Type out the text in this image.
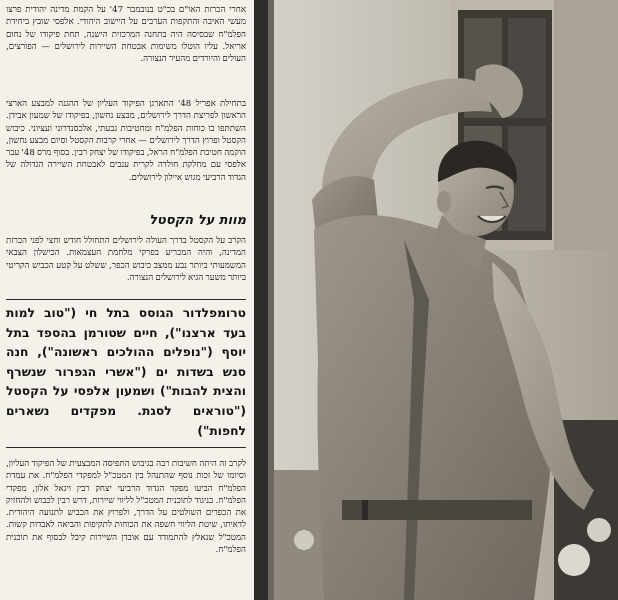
אחרי הכרזת האו"ם בכ"ט בנובמבר 47' על הקמת מדינה יהודית פרצו מעשי האיבה והתקפות הערבים על היישוב היהודי. אלפסי שובץ ביחידת הפלמ"ח שבסיסה היה בתחנה המרכזית הישנה, תחת פיקודו של נחום אריאל. עליו הוטלו משימות אבטחת השיירות לירושלים — הפורצים, העולים והיורדים מהעיר הנצורה.

בתחילת אפריל 48' התארגן הפיקוד העליון של ההגנה למבצע הארצי הראשון לפריצת הדרך לירושלים, מבצע נחשון, בפיקודו של שמעון אבידן. השתתפו בו כוחות הפלמ"ח ומחטיבות גבעתי, אלכסנדרוני ועציוני. כיבוש הקסטל ופרוץ הדרך לירושלים — אחרי קרבות הקסטל וסיום מבצע נחשון, הוקמה חטיבת הפלמ"ח הראל, בפיקודו של יצחק רבין. בסוף מרס 48' עבר אלפסי עם מחלקת חולדה לקרית ענבים לאבטחת השיירה הגדולה של הגדוד הרביעי מגוש איילון לירושלים.

מוות על הקסטל

הקרב על הקסטל בדרך העולה לירושלים התחולל חודש וחצי לפני הכרזת המדינה, והיה המכריע בפרקי מלחמת העצמאות. הכישלון הצבאי המשמעותי ביותר נבע ממצב כיבוש הכפר, ששלט על קטע הכביש הקריטי ביותר משער הגיא לירושלים הנצורה.

טרומפלדור הגוסס בתל חי ("טוב למות בעד ארצנו"), חיים שטורמן בהספד בתל יוסף ("נופלים ההולכים ראשונה"), חנה סנש בשדות ים ("אשרי הגפרור שנשרף והצית להבות") ושמעון אלפסי על הקסטל ("טוראים לסגת. מפקדים נשארים לחפות")

לקרב זה היתה חשיבות רבה בגיבוש התפיסה המבצעית של הפיקוד העליון, וסיומו של זכות נוסף שהתנהל בין המטכ"ל למפקדי הפלמ"ח. את עמדת הפלמ"ח הביעו מפקד הגדוד הרביעי יצחק רבין ויגאל אלון, מפקדי הפלמ"ח. בניגוד לתוכנית המטכ"ל לליווי שיירות, דרש רבין לכבוש ולהחזיק את הכפרים השולטים על הדרך, ולפרוץ את הכביש לתנועה היהודית. לדאיתו, שיטת הליווי חשפה את הכוחות לתקיפות והביאה לאבדות קשות. המטכ"ל שנאלץ להתמודד עם אובדן השיירות קיבל לבסוף את תוכנית הפלמ"ח.
